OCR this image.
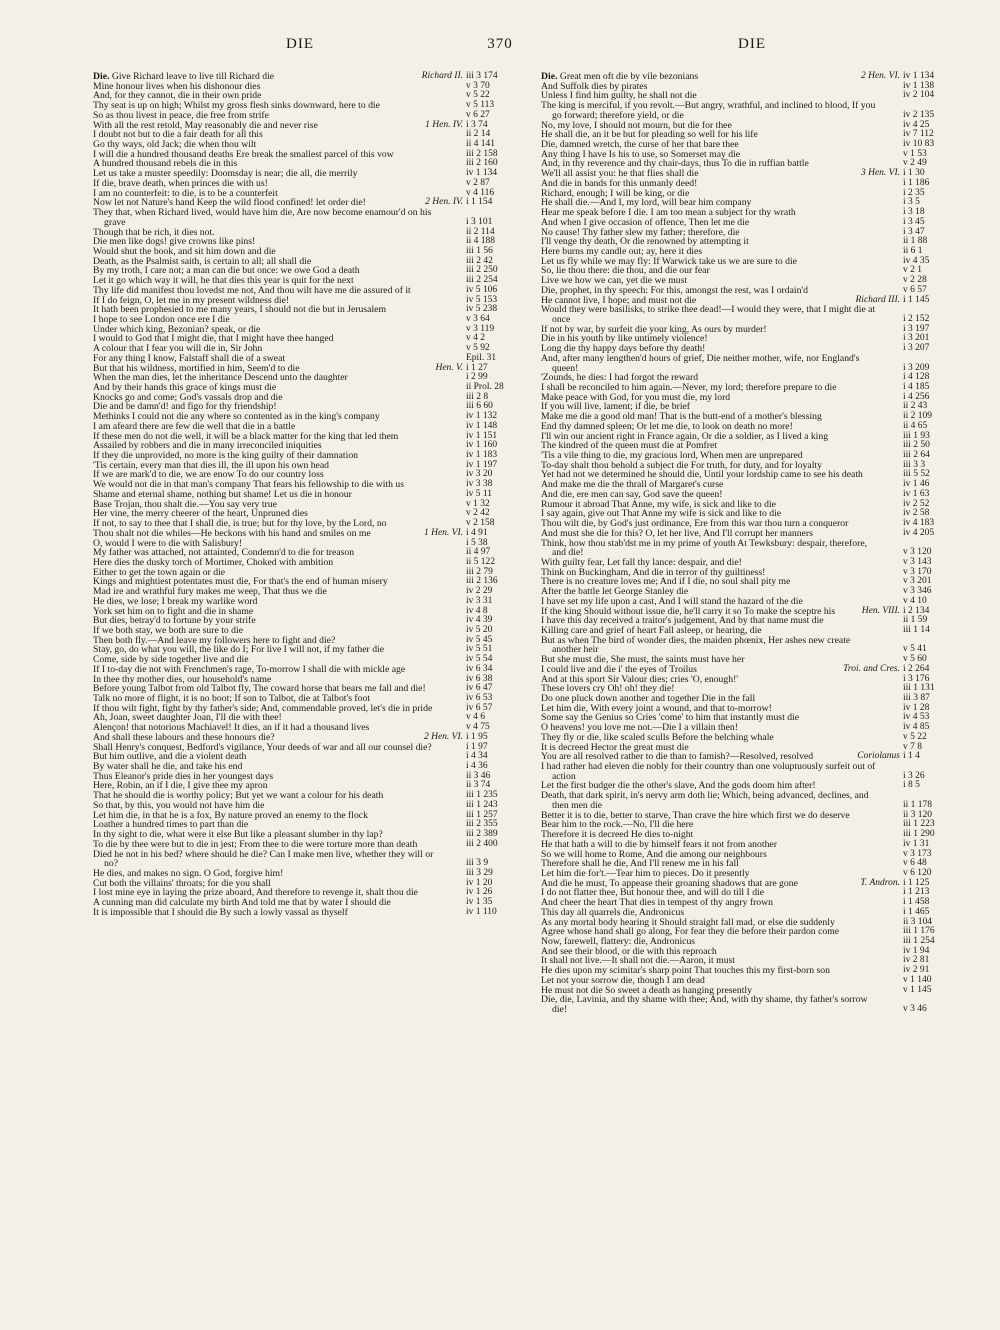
DIE	370	DIE
Die. Give Richard leave to live till Richard die	Richard II. iii 3 174
Mine honour lives when his dishonour dies	v 3 70
And, for they cannot, die in their own pride	v 5 22
Thy seat is up on high; Whilst my gross flesh sinks downward, here to die	v 5 113
So as thou livest in peace, die free from strife	v 6 27
With all the rest retold, May reasonably die and never rise	1 Hen. IV. i 3 74
I doubt not but to die a fair death for all this	ii 2 14
Go thy ways, old Jack; die when thou wilt	ii 4 141
I will die a hundred thousand deaths Ere break the smallest parcel of this vow	iii 2 158
A hundred thousand rebels die in this	iii 2 160
Let us take a muster speedily: Doomsday is near; die all, die merrily	iv 1 134
If die, brave death, when princes die with us!	v 2 87
I am no counterfeit: to die, is to be a counterfeit	v 4 116
Now let not Nature's hand Keep the wild flood confined! let order die!	2 Hen. IV. i 1 154
They that, when Richard lived, would have him die, Are now become enamour'd on his grave	i 3 101
Though that be rich, it dies not.	ii 2 114
Die men like dogs! give crowns like pins!	ii 4 188
Would shut the book, and sit him down and die	iii 1 56
Death, as the Psalmist saith, is certain to all; all shall die	iii 2 42
By my troth, I care not; a man can die but once: we owe God a death	iii 2 250
Let it go which way it will, he that dies this year is quit for the next	iii 2 254
Thy life did manifest thou lovedst me not, And thou wilt have me die assured of it	iv 5 106
If I do feign, O, let me in my present wildness die!	iv 5 153
It hath been prophesied to me many years, I should not die but in Jerusalem	iv 5 238
I hope to see London once ere I die	v 3 64
Under which king, Bezonian? speak, or die	v 3 119
I would to God that I might die, that I might have thee hanged	v 4 2
A colour that I fear you will die in, Sir John	v 5 92
For any thing I know, Falstaff shall die of a sweat	Epil. 31
But that his wildness, mortified in him, Seem'd to die	Hen. V. i 1 27
When the man dies, let the inheritance Descend unto the daughter	i 2 99
And by their hands this grace of kings must die	ii Prol. 28
Knocks go and come; God's vassals drop and die	iii 2 8
Die and be damn'd! and figo for thy friendship!	iii 6 60
Methinks I could not die any where so contented as in the king's company	iv 1 132
I am afeard there are few die well that die in a battle	iv 1 148
If these men do not die well, it will be a black matter for the king that led them	iv 1 151
Assailed by robbers and die in many irreconciled iniquities	iv 1 160
If they die unprovided, no more is the king guilty of their damnation	iv 1 183
'Tis certain, every man that dies ill, the ill upon his own head	iv 1 197
If we are mark'd to die, we are enow To do our country loss	iv 3 20
We would not die in that man's company That fears his fellowship to die with us	iv 3 38
Shame and eternal shame, nothing but shame! Let us die in honour	iv 5 11
Base Trojan, thou shalt die.—You say very true	v 1 32
Her vine, the merry cheerer of the heart, Unpruned dies	v 2 42
If not, to say to thee that I shall die, is true; but for thy love, by the Lord, no	v 2 158
Thou shalt not die whiles—He beckons with his hand and smiles on me	1 Hen. VI. i 4 91
O, would I were to die with Salisbury!	i 5 38
My father was attached, not attainted, Condemn'd to die for treason	ii 4 97
Here dies the dusky torch of Mortimer, Choked with ambition	ii 5 122
Either to get the town again or die	iii 2 79
Kings and mightiest potentates must die, For that's the end of human misery	iii 2 136
Mad ire and wrathful fury makes me weep, That thus we die	iv 2 29
He dies, we lose; I break my warlike word	iv 3 31
York set him on to fight and die in shame	iv 4 8
But dies, betray'd to fortune by your strife	iv 4 39
If we both stay, we both are sure to die	iv 5 20
Then both fly.—And leave my followers here to fight and die?	iv 5 45
Stay, go, do what you will, the like do I; For live I will not, if my father die	iv 5 51
Come, side by side together live and die	iv 5 54
If I to-day die not with Frenchmen's rage, To-morrow I shall die with mickle age	iv 6 34
In thee thy mother dies, our household's name	iv 6 38
Before young Talbot from old Talbot fly, The coward horse that bears me fall and die!	iv 6 47
Talk no more of flight, it is no boot; If son to Talbot, die at Talbot's foot	iv 6 53
If thou wilt fight, fight by thy father's side; And, commendable proved, let's die in pride	iv 6 57
Ah, Joan, sweet daughter Joan, I'll die with thee!	v 4 6
Alençon! that notorious Machiavel! It dies, an if it had a thousand lives	v 4 75
And shall these labours and these honours die?	2 Hen. VI. i 1 95
Shall Henry's conquest, Bedford's vigilance, Your deeds of war and all our counsel die?	i 1 97
But him outlive, and die a violent death	i 4 34
By water shall he die, and take his end	i 4 36
Thus Eleanor's pride dies in her youngest days	ii 3 46
Here, Robin, an if I die, I give thee my apron	ii 3 74
That he should die is worthy policy; But yet we want a colour for his death	iii 1 235
So that, by this, you would not have him die	iii 1 243
Let him die, in that he is a fox, By nature proved an enemy to the flock	iii 1 257
Loather a hundred times to part than die	iii 2 355
In thy sight to die, what were it else But like a pleasant slumber in thy lap?	iii 2 389
To die by thee were but to die in jest; From thee to die were torture more than death	iii 2 400
Died he not in his bed? where should he die? Can I make men live, whether they will or no?	iii 3 9
He dies, and makes no sign. O God, forgive him!	iii 3 29
Cut both the villains' throats; for die you shall	iv 1 20
I lost mine eye in laying the prize aboard, And therefore to revenge it, shalt thou die	iv 1 26
A cunning man did calculate my birth And told me that by water I should die	iv 1 35
It is impossible that I should die By such a lowly vassal as thyself	iv 1 110
Die. Great men oft die by vile bezonians	2 Hen. VI. iv 1 134
And Suffolk dies by pirates	iv 1 138
Unless I find him guilty, he shall not die	iv 2 104
The king is merciful, if you revolt.—But angry, wrathful, and inclined to blood, If you go forward; therefore yield, or die	iv 2 135
No, my love, I should not mourn, but die for thee	iv 4 25
He shall die, an it be but for pleading so well for his life	iv 7 112
Die, damned wretch, the curse of her that bare thee	iv 10 83
Any thing I have Is his to use, so Somerset may die	v 1 53
And, in thy reverence and thy chair-days, thus To die in ruffian battle	v 2 49
We'll all assist you: he that flies shall die	3 Hen. VI. i 1 30
And die in bands for this unmanly deed!	i 1 186
Richard, enough; I will be king, or die	i 2 35
He shall die.—And I, my lord, will bear him company	i 3 5
Hear me speak before I die. I am too mean a subject for thy wrath	i 3 18
And when I give occasion of offence, Then let me die	i 3 45
No cause! Thy father slew my father; therefore, die	i 3 47
I'll venge thy death, Or die renowned by attempting it	ii 1 88
Here burns my candle out; ay, here it dies	ii 6 1
Let us fly while we may fly: If Warwick take us we are sure to die	iv 4 35
So, lie thou there: die thou, and die our fear	v 2 1
Live we how we can, yet die we must	v 2 28
Die, prophet, in thy speech: For this, amongst the rest, was I ordain'd	v 6 57
He cannot live, I hope; and must not die	Richard III. i 1 145
Would they were basilisks, to strike thee dead!—I would they were, that I might die at once	i 2 152
If not by war, by surfeit die your king, As ours by murder!	i 3 197
Die in his youth by like untimely violence!	i 3 201
Long die thy happy days before thy death!	i 3 207
And, after many lengthen'd hours of grief, Die neither mother, wife, nor England's queen!	i 3 209
'Zounds, he dies: I had forgot the reward	i 4 128
I shall be reconciled to him again.—Never, my lord; therefore prepare to die	i 4 185
Make peace with God, for you must die, my lord	i 4 256
If you will live, lament; if die, be brief	ii 2 43
Make me die a good old man! That is the butt-end of a mother's blessing	ii 2 109
End thy damned spleen; Or let me die, to look on death no more!	ii 4 65
I'll win our ancient right in France again, Or die a soldier, as I lived a king	iii 1 93
The kindred of the queen must die at Pomfret	iii 2 50
'Tis a vile thing to die, my gracious lord, When men are unprepared	iii 2 64
To-day shalt thou behold a subject die For truth, for duty, and for loyalty	iii 3 3
Yet had not we determined he should die, Until your lordship came to see his death	iii 5 52
And make me die the thrall of Margaret's curse	iv 1 46
And die, ere men can say, God save the queen!	iv 1 63
Rumour it abroad That Anne, my wife, is sick and like to die	iv 2 52
I say again, give out That Anne my wife is sick and like to die	iv 2 58
Thou wilt die, by God's just ordinance, Ere from this war thou turn a conqueror	iv 4 183
And must she die for this? O, let her live, And I'll corrupt her manners	iv 4 205
Think, how thou stab'dst me in my prime of youth At Tewksbury: despair, therefore, and die!	v 3 120
With guilty fear, Let fall thy lance: despair, and die!	v 3 143
Think on Buckingham, And die in terror of thy guiltiness!	v 3 170
There is no creature loves me; And if I die, no soul shall pity me	v 3 201
After the battle let George Stanley die	v 3 346
I have set my life upon a cast, And I will stand the hazard of the die	v 4 10
If the king Should without issue die, he'll carry it so To make the sceptre his	Hen. VIII. i 2 134
I have this day received a traitor's judgement, And by that name must die	ii 1 59
Killing care and grief of heart Fall asleep, or hearing, die	iii 1 14
But as when The bird of wonder dies, the maiden phœnix, Her ashes new create another heir	v 5 41
But she must die, She must, the saints must have her	v 5 60
I could live and die i' the eyes of Troilus	Troi. and Cres. i 2 264
And at this sport Sir Valour dies; cries 'O, enough!'	i 3 176
These lovers cry Oh! oh! they die!	iii 1 131
Do one pluck down another and together Die in the fall	iii 3 87
Let him die, With every joint a wound, and that to-morrow!	iv 1 28
Some say the Genius so Cries 'come' to him that instantly must die	iv 4 53
O heavens! you love me not.—Die I a villain then!	iv 4 85
They fly or die, like scaled sculls Before the belching whale	v 5 22
It is decreed Hector the great must die	v 7 8
You are all resolved rather to die than to famish?—Resolved, resolved	Coriolanus i 1 4
I had rather had eleven die nobly for their country than one voluptuously surfeit out of action	i 3 26
Let the first budger die the other's slave, And the gods doom him after!	i 8 5
Death, that dark spirit, in's nervy arm doth lie; Which, being advanced, declines, and then men die	ii 1 178
Better it is to die, better to starve, Than crave the hire which first we do deserve	ii 3 120
Bear him to the rock.—No, I'll die here	iii 1 223
Therefore it is decreed He dies to-night	iii 1 290
He that hath a will to die by himself fears it not from another	iv 1 31
So we will home to Rome, And die among our neighbours	v 3 173
Therefore shall he die, And I'll renew me in his fall	v 6 48
Let him die for't.—Tear him to pieces. Do it presently	v 6 120
And die he must, To appease their groaning shadows that are gone	T. Andron. i 1 125
I do not flatter thee, But honour thee, and will do till I die	i 1 213
And cheer the heart That dies in tempest of thy angry frown	i 1 458
This day all quarrels die, Andronicus	i 1 465
As any mortal body hearing it Should straight fall mad, or else die suddenly	ii 3 104
Agree whose hand shall go along, For fear they die before their pardon come	iii 1 176
Now, farewell, flattery: die, Andronicus	iii 1 254
And see their blood, or die with this reproach	iv 1 94
It shall not live.—It shall not die.—Aaron, it must	iv 2 81
He dies upon my scimitar's sharp point That touches this my first-born son	iv 2 91
Let not your sorrow die, though I am dead	v 1 140
He must not die So sweet a death as hanging presently	v 1 145
Die, die, Lavinia, and thy shame with thee; And, with thy shame, thy father's sorrow die!	v 3 46
